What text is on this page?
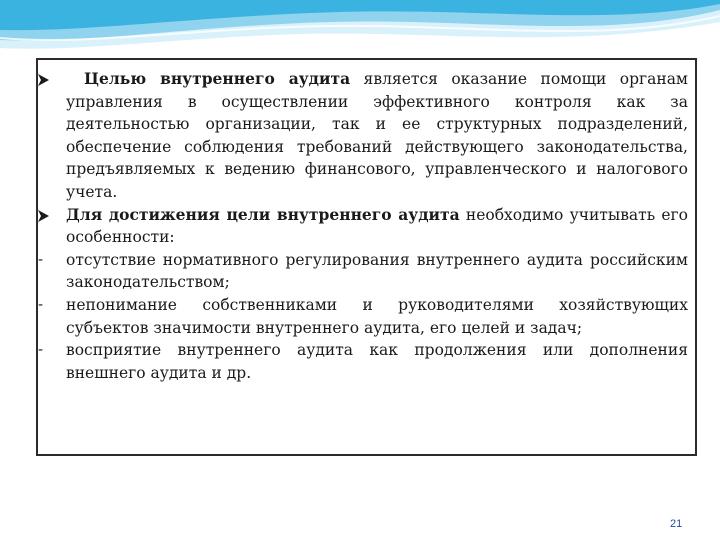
Целью внутреннего аудита является оказание помощи органам управления в осуществлении эффективного контроля как за деятельностью организации, так и ее структурных подразделений, обеспечение соблюдения требований действующего законодательства, предъявляемых к ведению финансового, управленческого и налогового учета.
Для достижения цели внутреннего аудита необходимо учитывать его особенности:
-	отсутствие нормативного регулирования внутреннего аудита российским законодательством;
-	непонимание собственниками и руководителями хозяйствующих субъектов значимости внутреннего аудита, его целей и задач;
-	восприятие внутреннего аудита как продолжения или дополнения внешнего аудита и др.
21
